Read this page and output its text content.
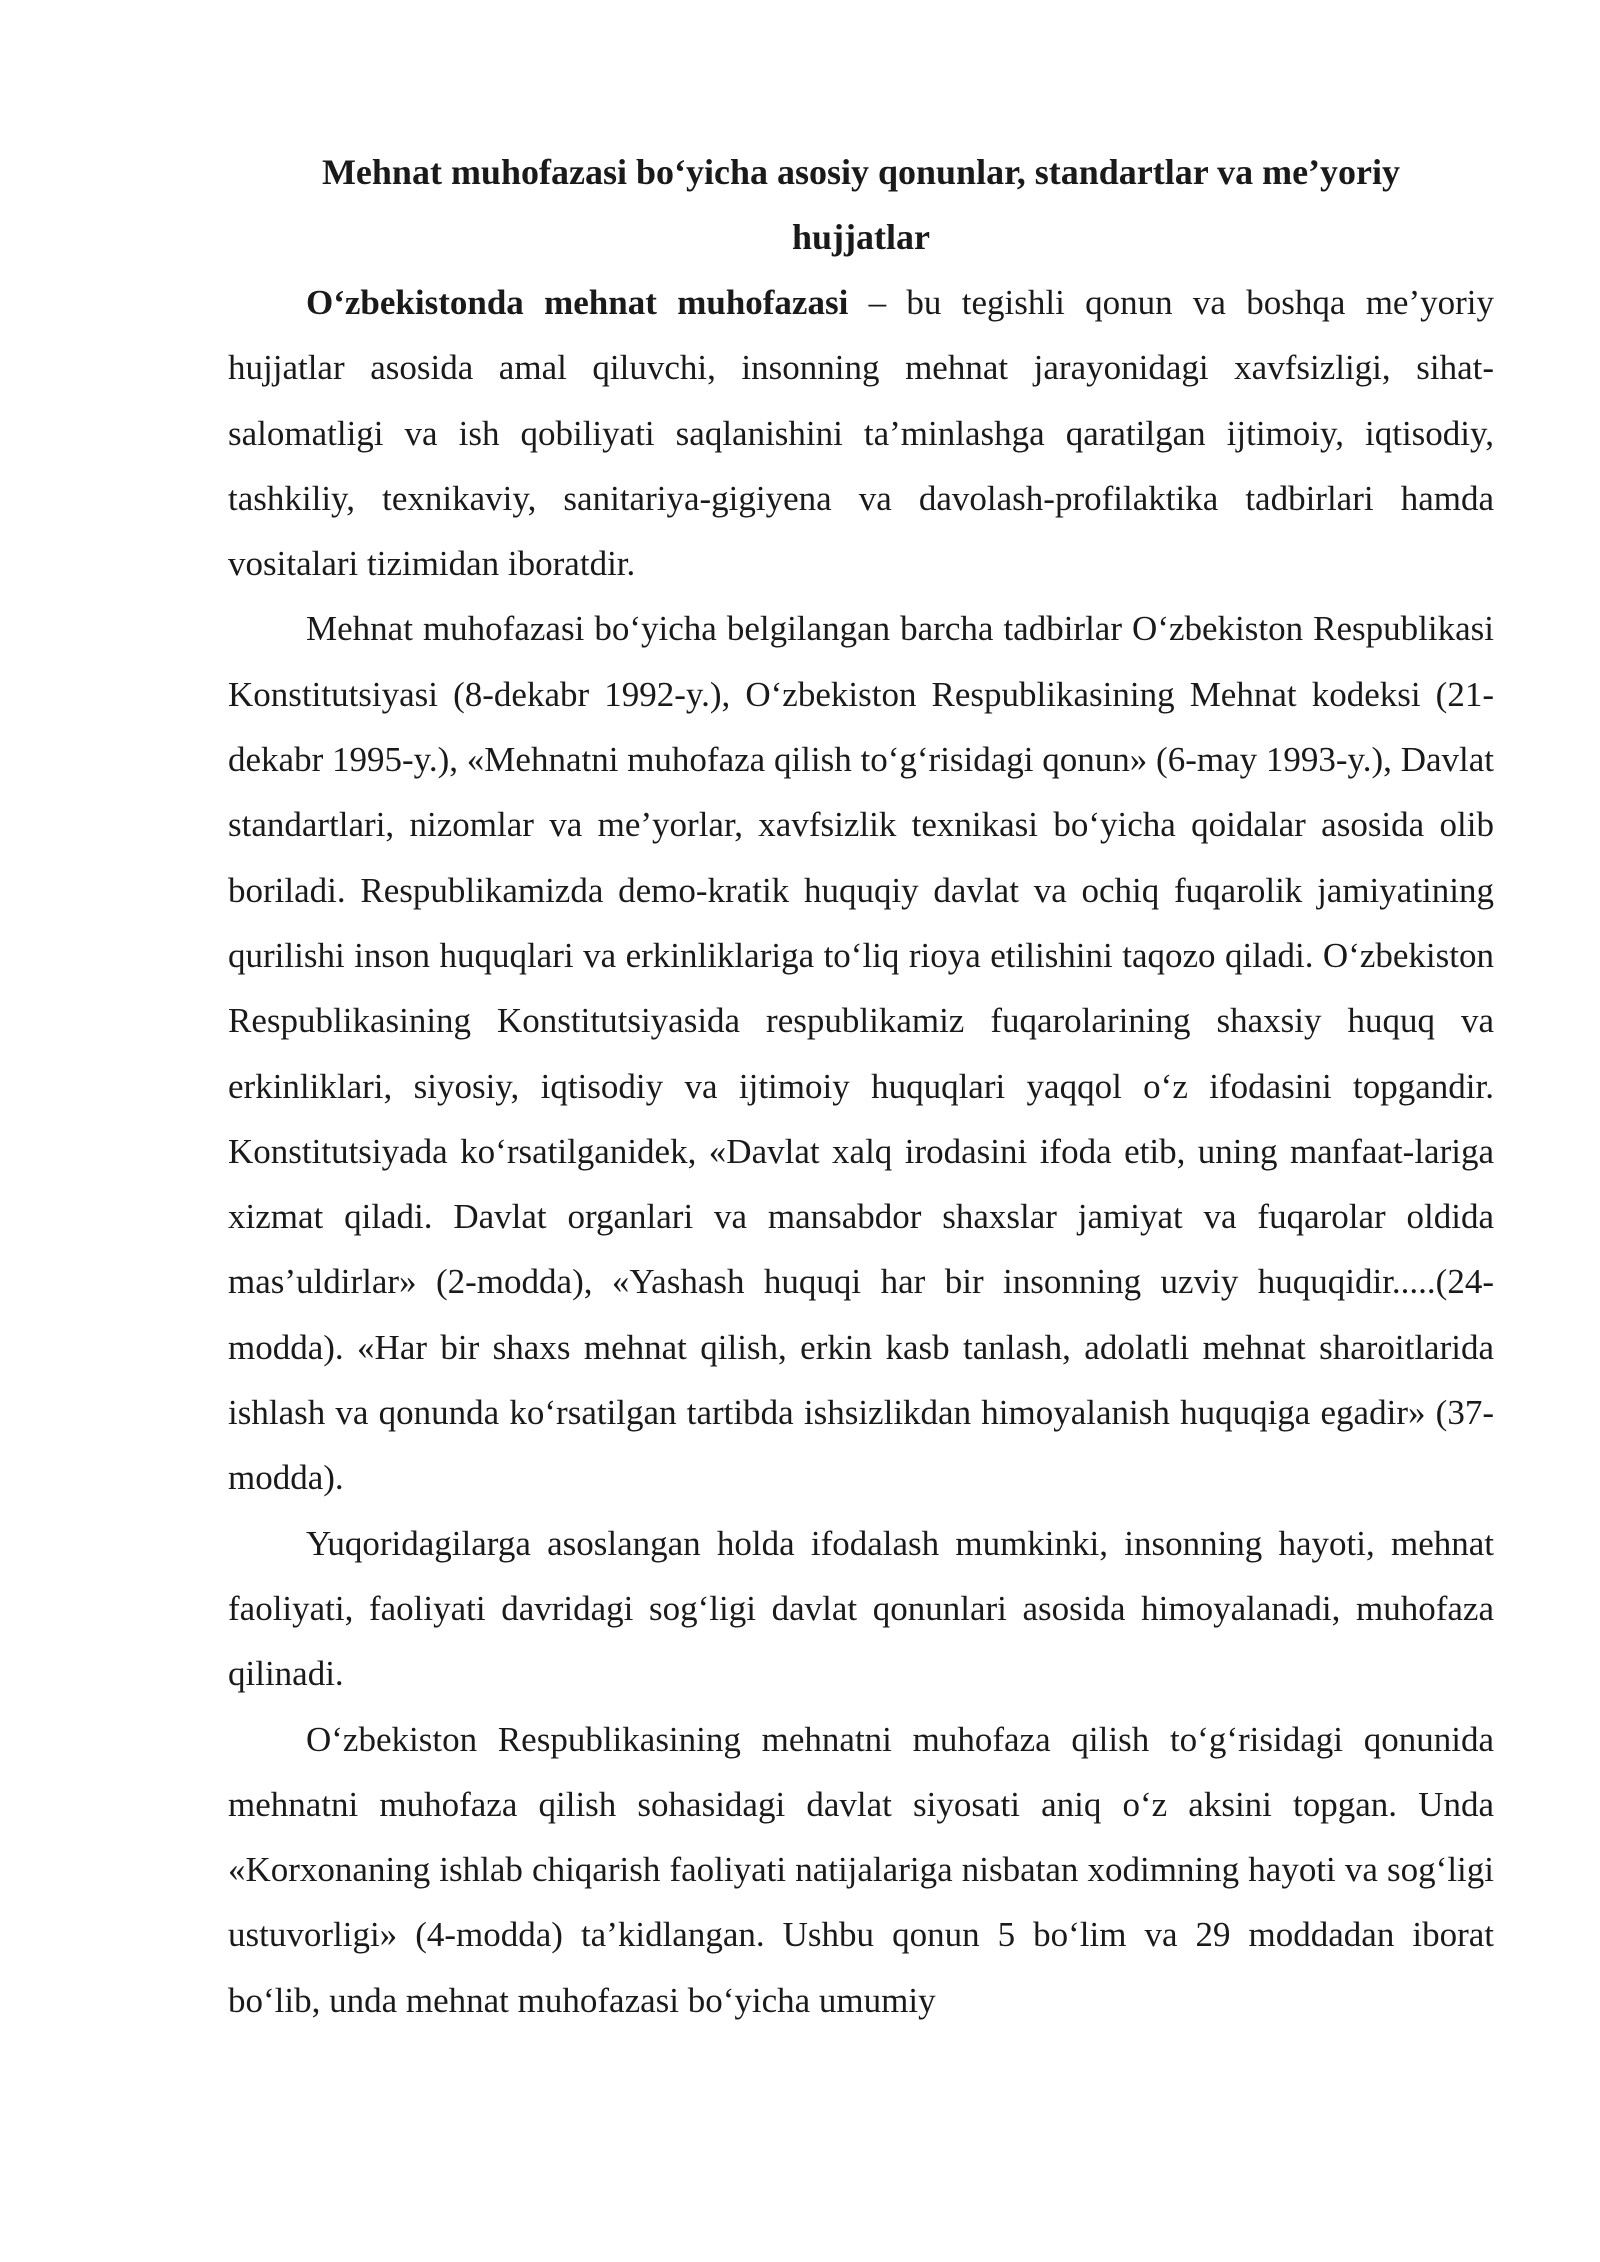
Mehnat muhofazasi bo‘yicha asosiy qonunlar, standartlar va me’yoriy hujjatlar

O‘zbekistonda mehnat muhofazasi – bu tegishli qonun va boshqa me’yoriy hujjatlar asosida amal qiluvchi, insonning mehnat jarayonidagi xavfsizligi, sihat-salomatligi va ish qobiliyati saqlanishini ta’minlashga qaratilgan ijtimoiy, iqtisodiy, tashkiliy, texnikaviy, sanitariya-gigiyena va davolash-profilaktika tadbirlari hamda vositalari tizimidan iboratdir.

Mehnat muhofazasi bo‘yicha belgilangan barcha tadbirlar O‘zbekiston Respublikasi Konstitutsiyasi (8-dekabr 1992-y.), O‘zbekiston Respublikasining Mehnat kodeksi (21-dekabr 1995-y.), «Mehnatni muhofaza qilish to‘g‘risidagi qonun» (6-may 1993-y.), Davlat standartlari, nizomlar va me’yorlar, xavfsizlik texnikasi bo‘yicha qoidalar asosida olib boriladi. Respublikamizda demo-kratik huquqiy davlat va ochiq fuqarolik jamiyatining qurilishi inson huquqlari va erkinliklariga to‘liq rioya etilishini taqozo qiladi. O‘zbekiston Respublikasining Konstitutsiyasida respublikamiz fuqarolarining shaxsiy huquq va erkinliklari, siyosiy, iqtisodiy va ijtimoiy huquqlari yaqqol o‘z ifodasini topgandir. Konstitutsiyada ko‘rsatilganidek, «Davlat xalq irodasini ifoda etib, uning manfaat-lariga xizmat qiladi. Davlat organlari va mansabdor shaxslar jamiyat va fuqarolar oldida mas’uldirlar» (2-modda), «Yashash huquqi har bir insonning uzviy huquqidir.....(24-modda). «Har bir shaxs mehnat qilish, erkin kasb tanlash, adolatli mehnat sharoitlarida ishlash va qonunda ko‘rsatilgan tartibda ishsizlikdan himoyalanish huquqiga egadir» (37-modda).

Yuqoridagilarga asoslangan holda ifodalash mumkinki, insonning hayoti, mehnat faoliyati, faoliyati davridagi sog‘ligi davlat qonunlari asosida himoyalanadi, muhofaza qilinadi.

O‘zbekiston Respublikasining mehnatni muhofaza qilish to‘g‘risidagi qonunida mehnatni muhofaza qilish sohasidagi davlat siyosati aniq o‘z aksini topgan. Unda «Korxonaning ishlab chiqarish faoliyati natijalariga nisbatan xodimning hayoti va sog‘ligi ustuvorligi» (4-modda) ta’kidlangan. Ushbu qonun 5 bo‘lim va 29 moddadan iborat bo‘lib, unda mehnat muhofazasi bo‘yicha umumiy
